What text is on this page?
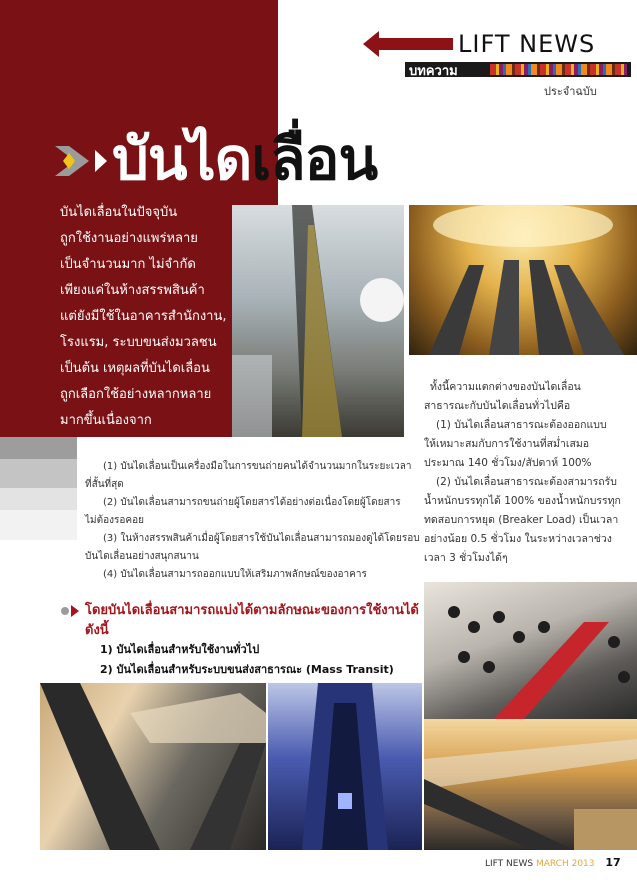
LIFT NEWS
บทความ
ประจำฉบับ
บันไดเลื่อน
บันไดเลื่อนในปัจจุบัน
ถูกใช้งานอย่างแพร่หลาย
เป็นจำนวนมาก ไม่จำกัด
เพียงแค่ในห้างสรรพสินค้า
แต่ยังมีใช้ในอาคารสำนักงาน,
โรงแรม, ระบบขนส่งมวลชน
เป็นต้น เหตุผลที่บันไดเลื่อน
ถูกเลือกใช้อย่างหลากหลาย
มากขึ้นเนื่องจาก
ทั้งนี้ความแตกต่างของบันไดเลื่อน
สาธารณะกับบันไดเลื่อนทั่วไปคือ
(1) บันไดเลื่อนสาธารณะต้องออกแบบ
ให้เหมาะสมกับการใช้งานที่สม่ำเสมอ
ประมาณ 140 ชั่วโมง/สัปดาห์ 100%
(2) บันไดเลื่อนสาธารณะต้องสามารถรับ
น้ำหนักบรรทุกได้ 100% ของน้ำหนักบรรทุก
ทดสอบการหยุด (Breaker Load) เป็นเวลา
อย่างน้อย 0.5 ชั่วโมง ในระหว่างเวลาช่วง
เวลา 3 ชั่วโมงได้ๆ
(1) บันไดเลื่อนเป็นเครื่องมือในการขนถ่ายคนได้จำนวนมากในระยะเวลา
ที่สั้นที่สุด
(2) บันไดเลื่อนสามารถขนถ่ายผู้โดยสารได้อย่างต่อเนื่องโดยผู้โดยสาร
ไม่ต้องรอคอย
(3) ในห้างสรรพสินค้าเมื่อผู้โดยสารใช้บันไดเลื่อนสามารถมองดูได้โดยรอบ
บันไดเลื่อนอย่างสนุกสนาน
(4) บันไดเลื่อนสามารถออกแบบให้เสริมภาพลักษณ์ของอาคาร
โดยบันไดเลื่อนสามารถแบ่งได้ตามลักษณะของการใช้งานได้
ดังนี้
1) บันไดเลื่อนสำหรับใช้งานทั่วไป
2) บันไดเลื่อนสำหรับระบบขนส่งสาธารณะ (Mass Transit)
LIFT NEWS MARCH 2013 17
